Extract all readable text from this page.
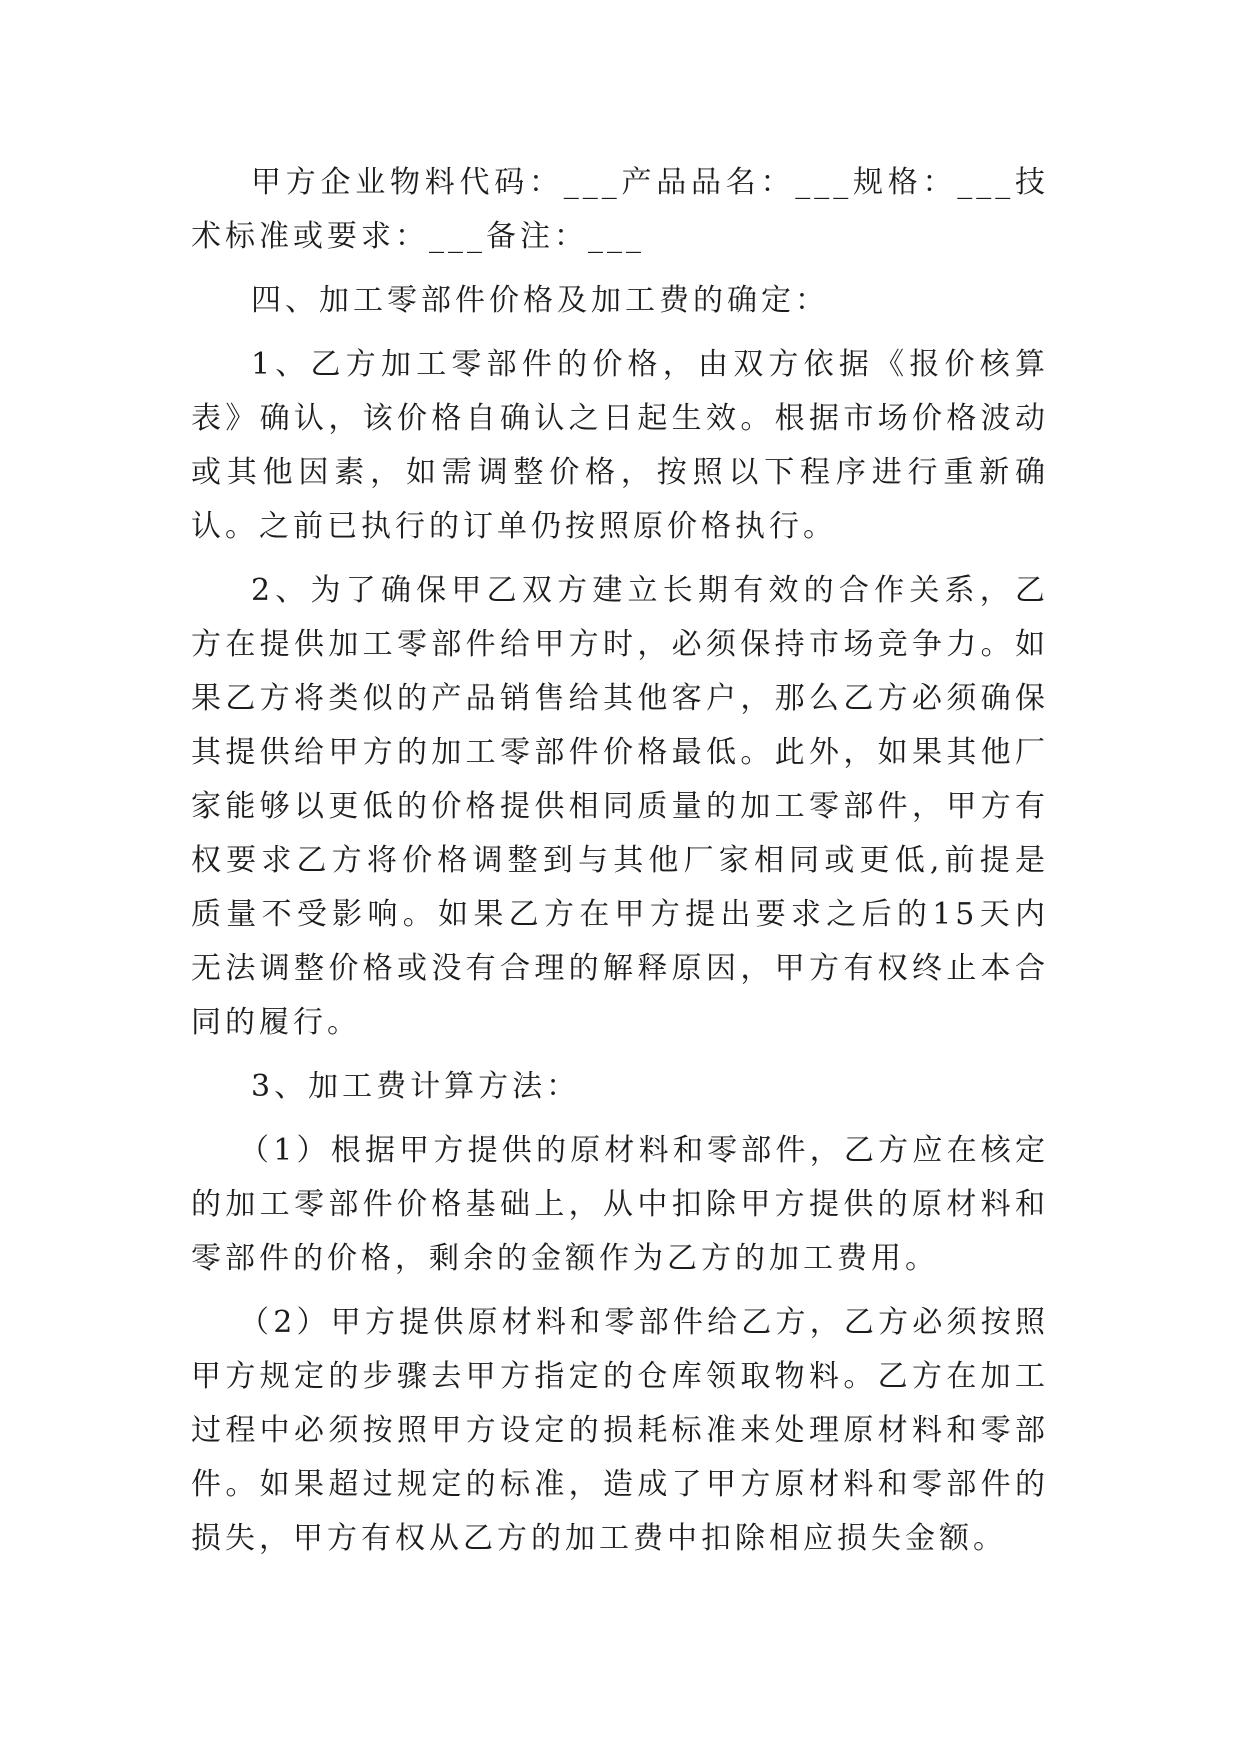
甲方企业物料代码：___产品品名：___规格：___技术标准或要求：___备注：___

四、加工零部件价格及加工费的确定：

1、乙方加工零部件的价格，由双方依据《报价核算表》确认，该价格自确认之日起生效。根据市场价格波动或其他因素，如需调整价格，按照以下程序进行重新确认。之前已执行的订单仍按照原价格执行。

2、为了确保甲乙双方建立长期有效的合作关系，乙方在提供加工零部件给甲方时，必须保持市场竞争力。如果乙方将类似的产品销售给其他客户，那么乙方必须确保其提供给甲方的加工零部件价格最低。此外，如果其他厂家能够以更低的价格提供相同质量的加工零部件，甲方有权要求乙方将价格调整到与其他厂家相同或更低,前提是质量不受影响。如果乙方在甲方提出要求之后的15天内无法调整价格或没有合理的解释原因，甲方有权终止本合同的履行。

3、加工费计算方法：

（1）根据甲方提供的原材料和零部件，乙方应在核定的加工零部件价格基础上，从中扣除甲方提供的原材料和零部件的价格，剩余的金额作为乙方的加工费用。

（2）甲方提供原材料和零部件给乙方，乙方必须按照甲方规定的步骤去甲方指定的仓库领取物料。乙方在加工过程中必须按照甲方设定的损耗标准来处理原材料和零部件。如果超过规定的标准，造成了甲方原材料和零部件的损失，甲方有权从乙方的加工费中扣除相应损失金额。
